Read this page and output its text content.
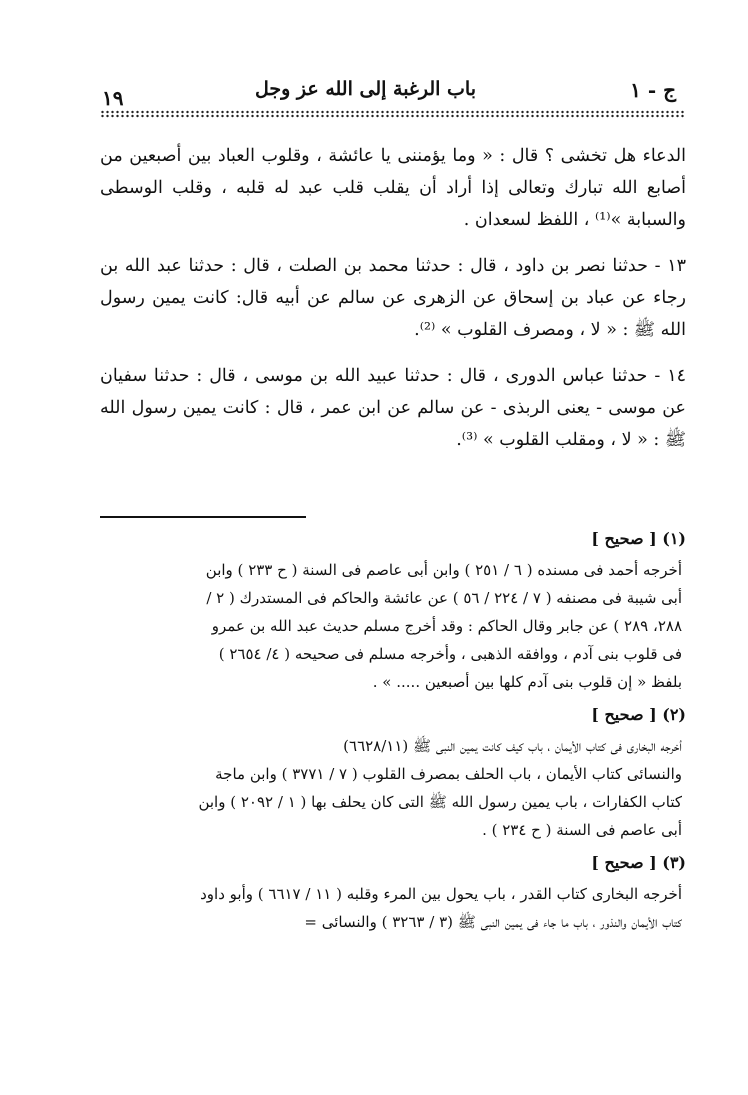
ج - ١
باب الرغبة إلى الله عز وجل
١٩

الدعاء هل تخشى ؟ قال : « وما يؤمننى يا عائشة ، وقلوب العباد بين أصبعين من أصابع الله تبارك وتعالى إذا أراد أن يقلب قلب عبد له قلبه ، وقلب الوسطى والسبابة »⁽¹⁾ ، اللفظ لسعدان .

١٣ - حدثنا نصر بن داود ، قال : حدثنا محمد بن الصلت ، قال : حدثنا عبد الله بن رجاء عن عباد بن إسحاق عن الزهرى عن سالم عن أبيه قال: كانت يمين رسول الله ﷺ : « لا ، ومصرف القلوب » ⁽²⁾.

١٤ - حدثنا عباس الدورى ، قال : حدثنا عبيد الله بن موسى ، قال : حدثنا سفيان عن موسى - يعنى الربذى - عن سالم عن ابن عمر ، قال : كانت يمين رسول الله ﷺ : « لا ، ومقلب القلوب » ⁽³⁾.

(١) [ صحيح ]

أخرجه أحمد فى مسنده ( ٦ / ٢٥١ ) وابن أبى عاصم فى السنة ( ح ٢٣٣ ) وابن
أبى شيبة فى مصنفه ( ٧ / ٢٢٤ / ٥٦ ) عن عائشة والحاكم فى المستدرك ( ٢ /
٢٨٨، ٢٨٩ ) عن جابر وقال الحاكم : وقد أخرج مسلم حديث عبد الله بن عمرو
فى قلوب بنى آدم ، ووافقه الذهبى ، وأخرجه مسلم فى صحيحه ( ٤/ ٢٦٥٤ )
بلفظ « إن قلوب بنى آدم كلها بين أصبعين ..... » .

(٢) [ صحيح ]

أخرجه البخارى فى كتاب الأيمان ، باب كيف كانت يمين النبى ﷺ (٦٦٢٨/١١)
والنسائى كتاب الأيمان ، باب الحلف بمصرف القلوب ( ٧ / ٣٧٧١ ) وابن ماجة
كتاب الكفارات ، باب يمين رسول الله ﷺ التى كان يحلف بها ( ١ / ٢٠٩٢ ) وابن
أبى عاصم فى السنة ( ح ٢٣٤ ) .

(٣) [ صحيح ]

أخرجه البخارى كتاب القدر ، باب يحول بين المرء وقلبه ( ١١ / ٦٦١٧ ) وأبو داود
كتاب الأيمان والنذور ، باب ما جاء فى يمين النبى ﷺ (٣ / ٣٢٦٣ ) والنسائى =
